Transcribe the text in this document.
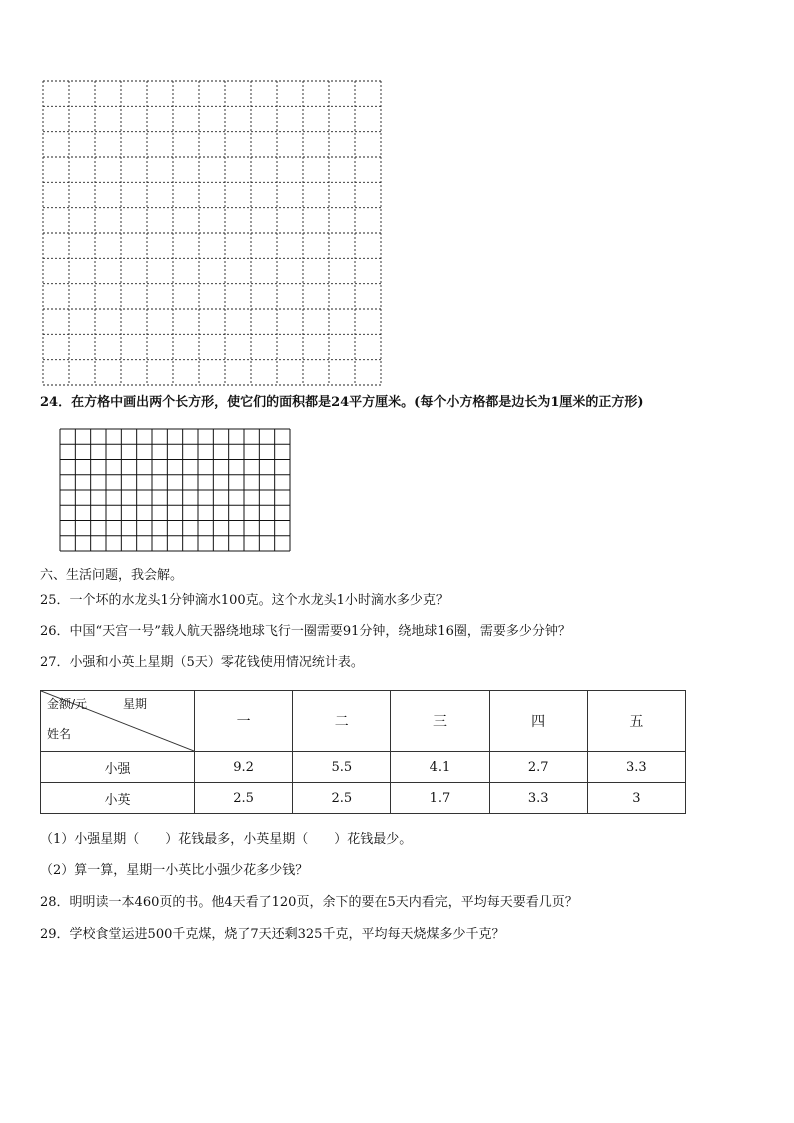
24．在方格中画出两个长方形，使它们的面积都是24平方厘米。(每个小方格都是边长为1厘米的正方形)
六、生活问题，我会解。
25．一个坏的水龙头1分钟滴水100克。这个水龙头1小时滴水多少克？
26．中国“天宫一号”载人航天器绕地球飞行一圈需要91分钟，绕地球16圈，需要多少分钟？
27．小强和小英上星期（5天）零花钱使用情况统计表。
金额/元 星期
姓名	一	二	三	四	五
小强	9.2	5.5	4.1	2.7	3.3
小英	2.5	2.5	1.7	3.3	3
（1）小强星期（　　）花钱最多，小英星期（　　）花钱最少。
（2）算一算，星期一小英比小强少花多少钱？
28．明明读一本460页的书。他4天看了120页，余下的要在5天内看完，平均每天要看几页？
29．学校食堂运进500千克煤，烧了7天还剩325千克，平均每天烧煤多少千克？
